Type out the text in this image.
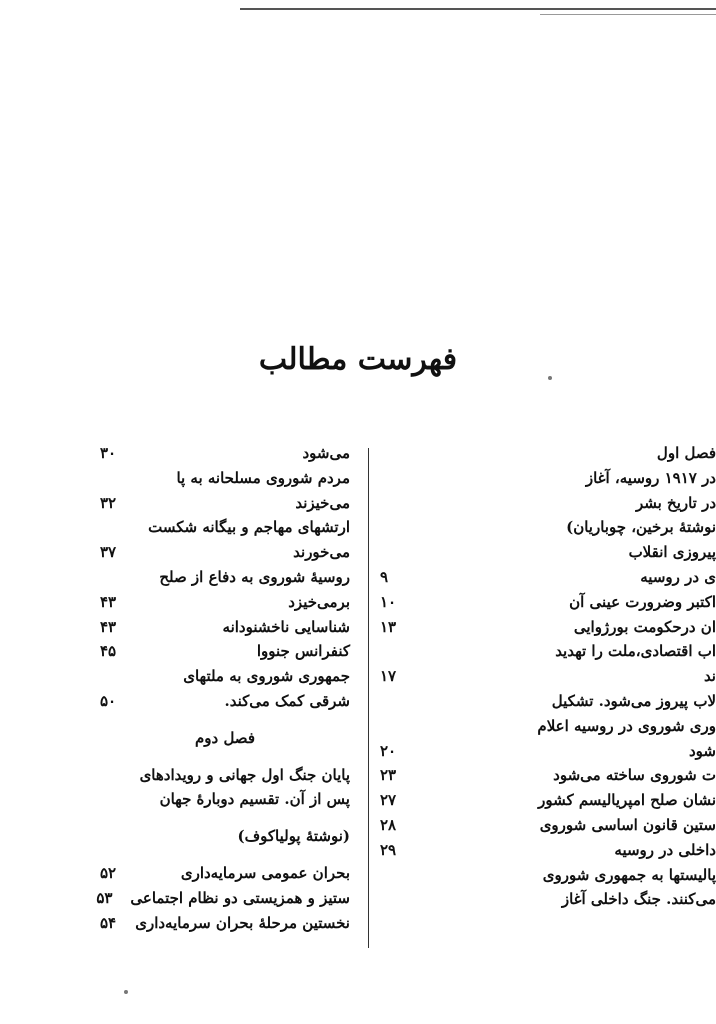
فهرست مطالب
فصل اول
در ۱۹۱۷ روسیه، آغاز
در تاریخ بشر
نوشتهٔ برخین، چوباریان)
پیروزی انقلاب
ی در روسیه
۹
اکتبر وضرورت عینی آن
۱۰
ان درحکومت بورژوایی
۱۳
اب اقتصادی،ملت را تهدید
ند
۱۷
لاب پیروز می‌شود. تشکیل
وری شوروی در روسیه اعلام
شود
۲۰
ت شوروی ساخته می‌شود
۲۳
نشان صلح امپریالیسم کشور
۲۷
ستین قانون اساسی شوروی
۲۸
داخلی در روسیه
۲۹
پالیستها به جمهوری شوروی
می‌کنند. جنگ داخلی آغاز
می‌شود
۳۰
مردم شوروی مسلحانه به پا
می‌خیزند
۳۲
ارتشهای مهاجم و بیگانه شکست
می‌خورند
۳۷
روسیهٔ شوروی به دفاع از صلح
برمی‌خیزد
۴۳
شناسایی ناخشنودانه
۴۳
کنفرانس جنووا
۴۵
جمهوری شوروی به ملتهای
شرقی کمک می‌کند.
۵۰
فصل دوم
پایان جنگ اول جهانی و رویدادهای
پس از آن. تقسیم دوبارهٔ جهان
(نوشتهٔ پولیاکوف)
بحران عمومی سرمایه‌داری
۵۲
ستیز و همزیستی دو نظام اجتماعی
۵۳
نخستین مرحلهٔ بحران سرمایه‌داری
۵۴
